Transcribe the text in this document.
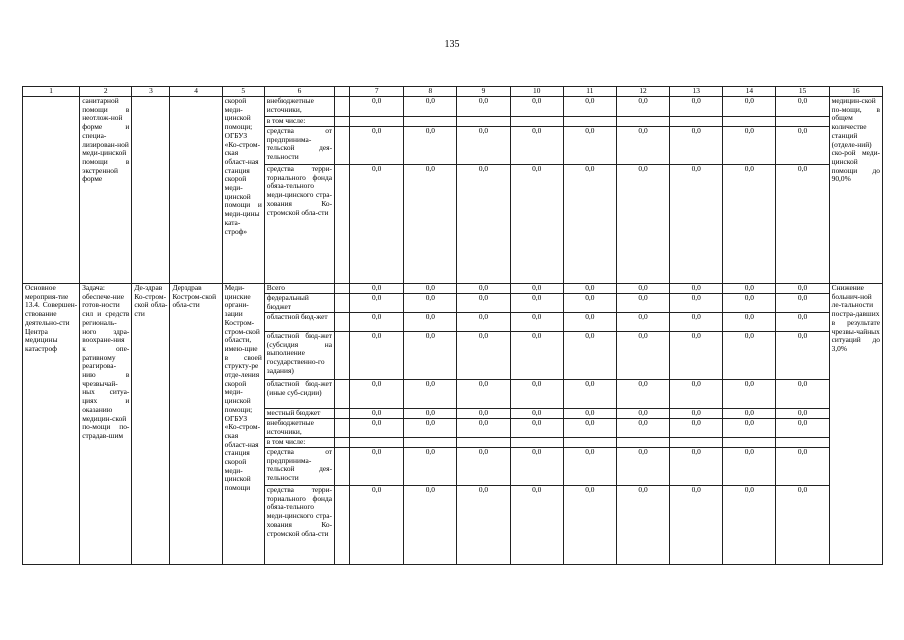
135
1	2	3	4	5	6		7	8	9	10	11	12	13	14	15	16
	санитарной помощи в неотлож-ной форме и специа-лизирован-ной меди-цинской помощи в экстренной форме			скорой меди-цинской помощи; ОГБУЗ «Ко-стром-ская област-ная станция скорой меди-цинской помощи и меди-цины ката-строф»	внебюджетные источники,		0,0	0,0	0,0	0,0	0,0	0,0	0,0	0,0	0,0	медицин-ской по-мощи, в общем количестве станций (отделе-ний) ско-рой меди-цинской помощи до 90,0%
					в том числе:											
					средства от предпринима-тельской дея-тельности		0,0	0,0	0,0	0,0	0,0	0,0	0,0	0,0	0,0	
					средства терри-ториального фонда обяза-тельного меди-цинского стра-хования Ко-стромской обла-сти		0,0	0,0	0,0	0,0	0,0	0,0	0,0	0,0	0,0	
Основное мероприя-тие 13.4. Совершен-ствование деятельно-сти Центра медицины катастроф	Задача: обеспече-ние готов-ности сил и средств региональ-ного здра-воохране-ния к опе-ративному реагирова-нию в чрезвычай-ных ситуа-циях и оказанию медицин-ской по-мощи по-страдав-шим	Де-здрав Ко-стром-ской обла-сти	Деpздрав Костром-ской обла-сти	Меди-цинские органи-зации Костром-стром-ской области, имею-щие в своей структу-ре отде-ления скорой меди-цинской помощи; ОГБУЗ «Ко-стром-ская област-ная станция скорой меди-цинской помощи	Всего		0,0	0,0	0,0	0,0	0,0	0,0	0,0	0,0	0,0	Снижение больнич-ной ле-тальности постра-давших в результате чрезвы-чайных ситуаций до 3,0%
					федеральный бюджет		0,0	0,0	0,0	0,0	0,0	0,0	0,0	0,0	0,0	
					областной бюд-жет		0,0	0,0	0,0	0,0	0,0	0,0	0,0	0,0	0,0	
					областной бюд-жет (субсидия на выполнение государственно-го задания)		0,0	0,0	0,0	0,0	0,0	0,0	0,0	0,0	0,0	
					областной бюд-жет (иные суб-сидии)		0,0	0,0	0,0	0,0	0,0	0,0	0,0	0,0	0,0	
					местный бюджет		0,0	0,0	0,0	0,0	0,0	0,0	0,0	0,0	0,0	
					внебюджетные источники,		0,0	0,0	0,0	0,0	0,0	0,0	0,0	0,0	0,0	
					в том числе:											
					средства от предпринима-тельской дея-тельности		0,0	0,0	0,0	0,0	0,0	0,0	0,0	0,0	0,0	
					средства терри-ториального фонда обяза-тельного меди-цинского стра-хования Ко-стромской обла-сти		0,0	0,0	0,0	0,0	0,0	0,0	0,0	0,0	0,0	
